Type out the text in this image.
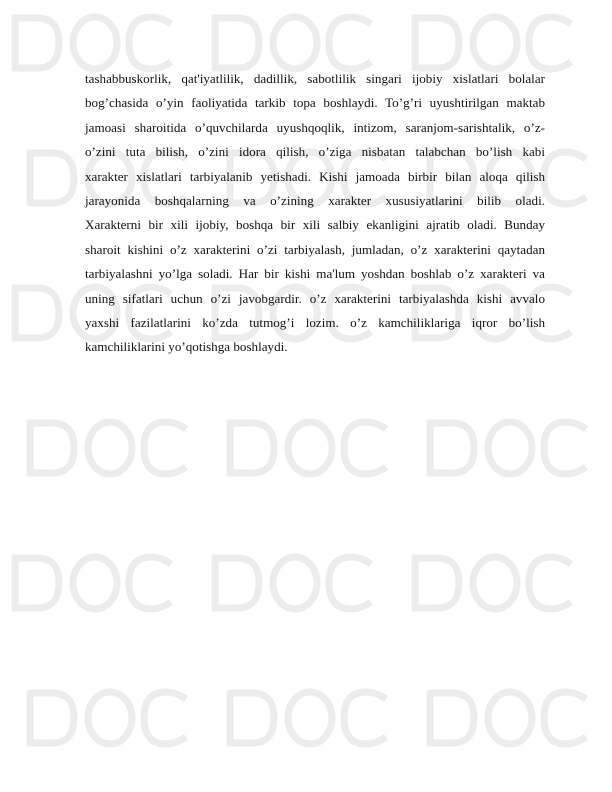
tashabbuskorlik, qat'iyatlilik, dadillik, sabotlilik singari ijobiy xislatlari bolalar
bog’chasida o’yin faoliyatida tarkib topa boshlaydi. To’g’ri uyushtirilgan maktab
jamoasi sharoitida o’quvchilarda uyushqoqlik, intizom, saranjom-sarishtalik, o’z-
o’zini tuta bilish, o’zini idora qilish, o’ziga nisbatan talabchan bo’lish kabi
xarakter xislatlari tarbiyalanib yetishadi. Kishi jamoada birbir bilan aloqa qilish
jarayonida boshqalarning va o’zining xarakter xususiyatlarini bilib oladi.
Xarakterni bir xili ijobiy, boshqa bir xili salbiy ekanligini ajratib oladi. Bunday
sharoit kishini o’z xarakterini o’zi tarbiyalash, jumladan, o’z xarakterini qaytadan
tarbiyalashni yo’lga soladi. Har bir kishi ma'lum yoshdan boshlab o’z xarakteri va
uning sifatlari uchun o’zi javobgardir. o’z xarakterini tarbiyalashda kishi avvalo
yaxshi fazilatlarini ko’zda tutmog’i lozim. o’z kamchiliklariga iqror bo’lish
kamchiliklarini yo’qotishga boshlaydi.
